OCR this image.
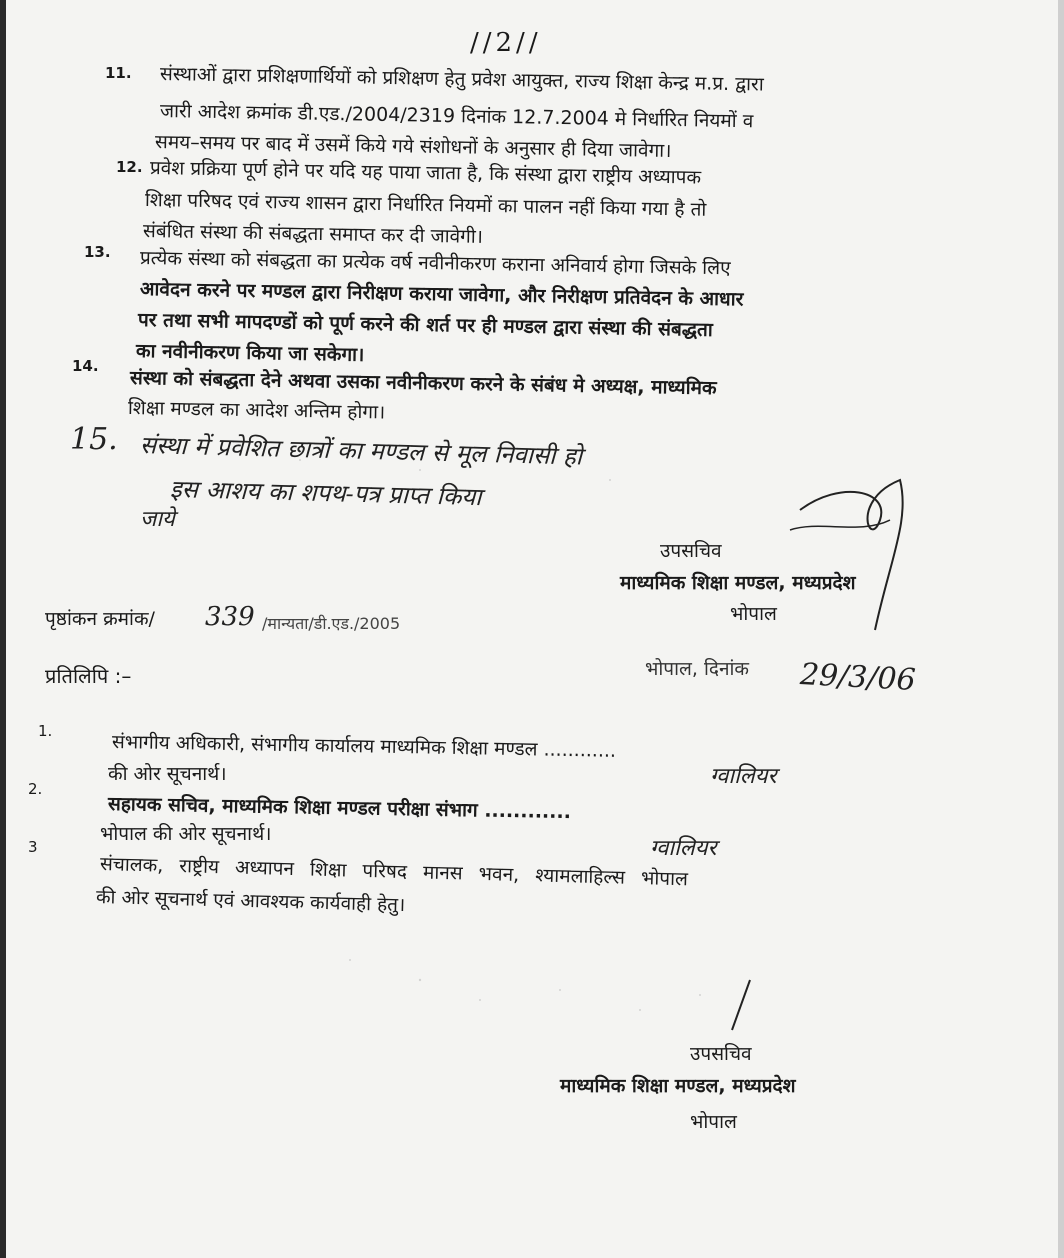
//2//
11. संस्थाओं द्वारा प्रशिक्षणार्थियों को प्रशिक्षण हेतु प्रवेश आयुक्त, राज्य शिक्षा केन्द्र म.प्र. द्वारा
जारी आदेश क्रमांक डी.एड./2004/2319 दिनांक 12.7.2004 मे निर्धारित नियमों व
समय–समय पर बाद में उसमें किये गये संशोधनों के अनुसार ही दिया जावेगा।
12. प्रवेश प्रक्रिया पूर्ण होने पर यदि यह पाया जाता है, कि संस्था द्वारा राष्ट्रीय अध्यापक
शिक्षा परिषद एवं राज्य शासन द्वारा निर्धारित नियमों का पालन नहीं किया गया है तो
संबंधित संस्था की संबद्धता समाप्त कर दी जावेगी।
13. प्रत्येक संस्था को संबद्धता का प्रत्येक वर्ष नवीनीकरण कराना अनिवार्य होगा जिसके लिए
आवेदन करने पर मण्डल द्वारा निरीक्षण कराया जावेगा, और निरीक्षण प्रतिवेदन के आधार
पर तथा सभी मापदण्डों को पूर्ण करने की शर्त पर ही मण्डल द्वारा संस्था की संबद्धता
का नवीनीकरण किया जा सकेगा।
14.
संस्था को संबद्धता देने अथवा उसका नवीनीकरण करने के संबंध मे अध्यक्ष, माध्यमिक
शिक्षा मण्डल का आदेश अन्तिम होगा।
15. संस्था में प्रवेशित छात्रों का मण्डल से मूल निवासी हो
इस आशय का शपथ-पत्र प्राप्त किया
जाये
उपसचिव
माध्यमिक शिक्षा मण्डल, मध्यप्रदेश
भोपाल
पृष्ठांकन क्रमांक/ 339 /मान्यता/डी.एड./2005
भोपाल, दिनांक 29/3/06
प्रतिलिपि :–
1.
संभागीय अधिकारी, संभागीय कार्यालय माध्यमिक शिक्षा मण्डल ............
ग्वालियर
की ओर सूचनार्थ।
2.
सहायक सचिव, माध्यमिक शिक्षा मण्डल परीक्षा संभाग ............
ग्वालियर
भोपाल की ओर सूचनार्थ।
3
संचालक, राष्ट्रीय अध्यापन शिक्षा परिषद मानस भवन, श्यामलाहिल्स भोपाल
की ओर सूचनार्थ एवं आवश्यक कार्यवाही हेतु।
उपसचिव
माध्यमिक शिक्षा मण्डल, मध्यप्रदेश
भोपाल
